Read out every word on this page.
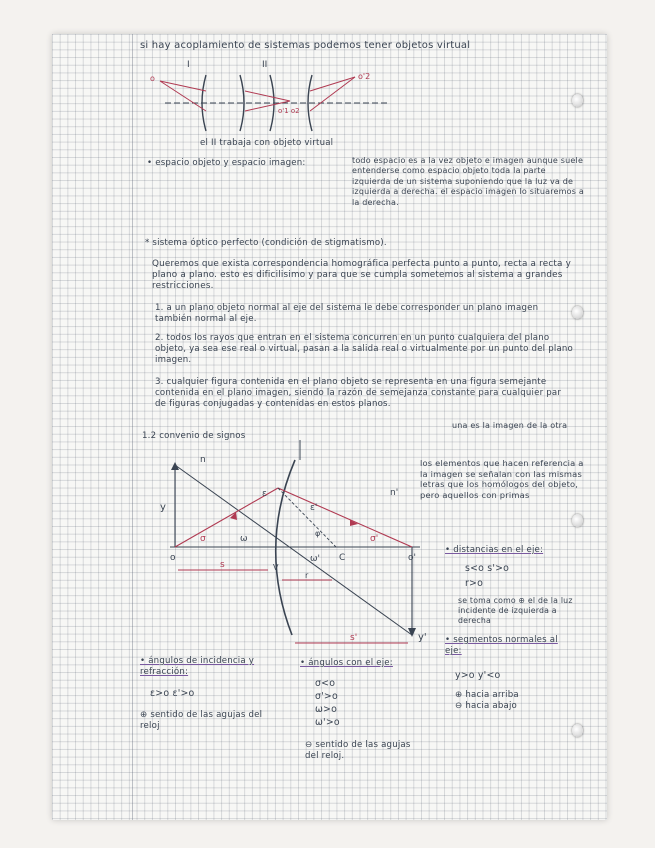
si hay acoplamiento de sistemas podemos tener objetos virtual
I	II
o	o'2
o'1 o2
el II trabaja con objeto virtual
• espacio objeto y espacio imagen:	todo espacio es a la vez objeto e imagen aunque suele entenderse como espacio objeto toda la parte izquierda de un sistema suponiendo que la luz va de izquierda a derecha. el espacio imagen lo situaremos a la derecha.
* sistema óptico perfecto (condición de stigmatismo).
Queremos que exista correspondencia homográfica perfecta punto a punto, recta a recta y plano a plano. esto es dificilisimo y para que se cumpla sometemos al sistema a grandes restricciones.
1. a un plano objeto normal al eje del sistema le debe corresponder un plano imagen también normal al eje.
2. todos los rayos que entran en el sistema concurren en un punto cualquiera del plano objeto, ya sea ese real o virtual, pasan a la salida real o virtualmente por un punto del plano imagen.
3. cualquier figura contenida en el plano objeto se representa en una figura semejante contenida en el plano imagen, siendo la razón de semejanza constante para cualquier par de figuras conjugadas y contenidas en estos planos.
una es la imagen de la otra
1.2 convenio de signos
n
n'
y
y'
o	o'
s
s'
σ	σ'
ω
ω'
ε
ε'
C
V
r
φ
los elementos que hacen referencia a la imagen se señalan con las mismas letras que los homólogos del objeto, pero aquellos con primas
• distancias en el eje:
s<o s'>o
r>o
se toma como ⊕ el de la luz incidente de izquierda a derecha
• segmentos normales al eje:
y>o y'<o
⊕ hacia arriba
⊖ hacia abajo
• ángulos de incidencia y refracción:
ε>o ε'>o
⊕ sentido de las agujas del reloj
• ángulos con el eje:
σ<o
σ'>o
ω>o
ω'>o
⊖ sentido de las agujas del reloj.
